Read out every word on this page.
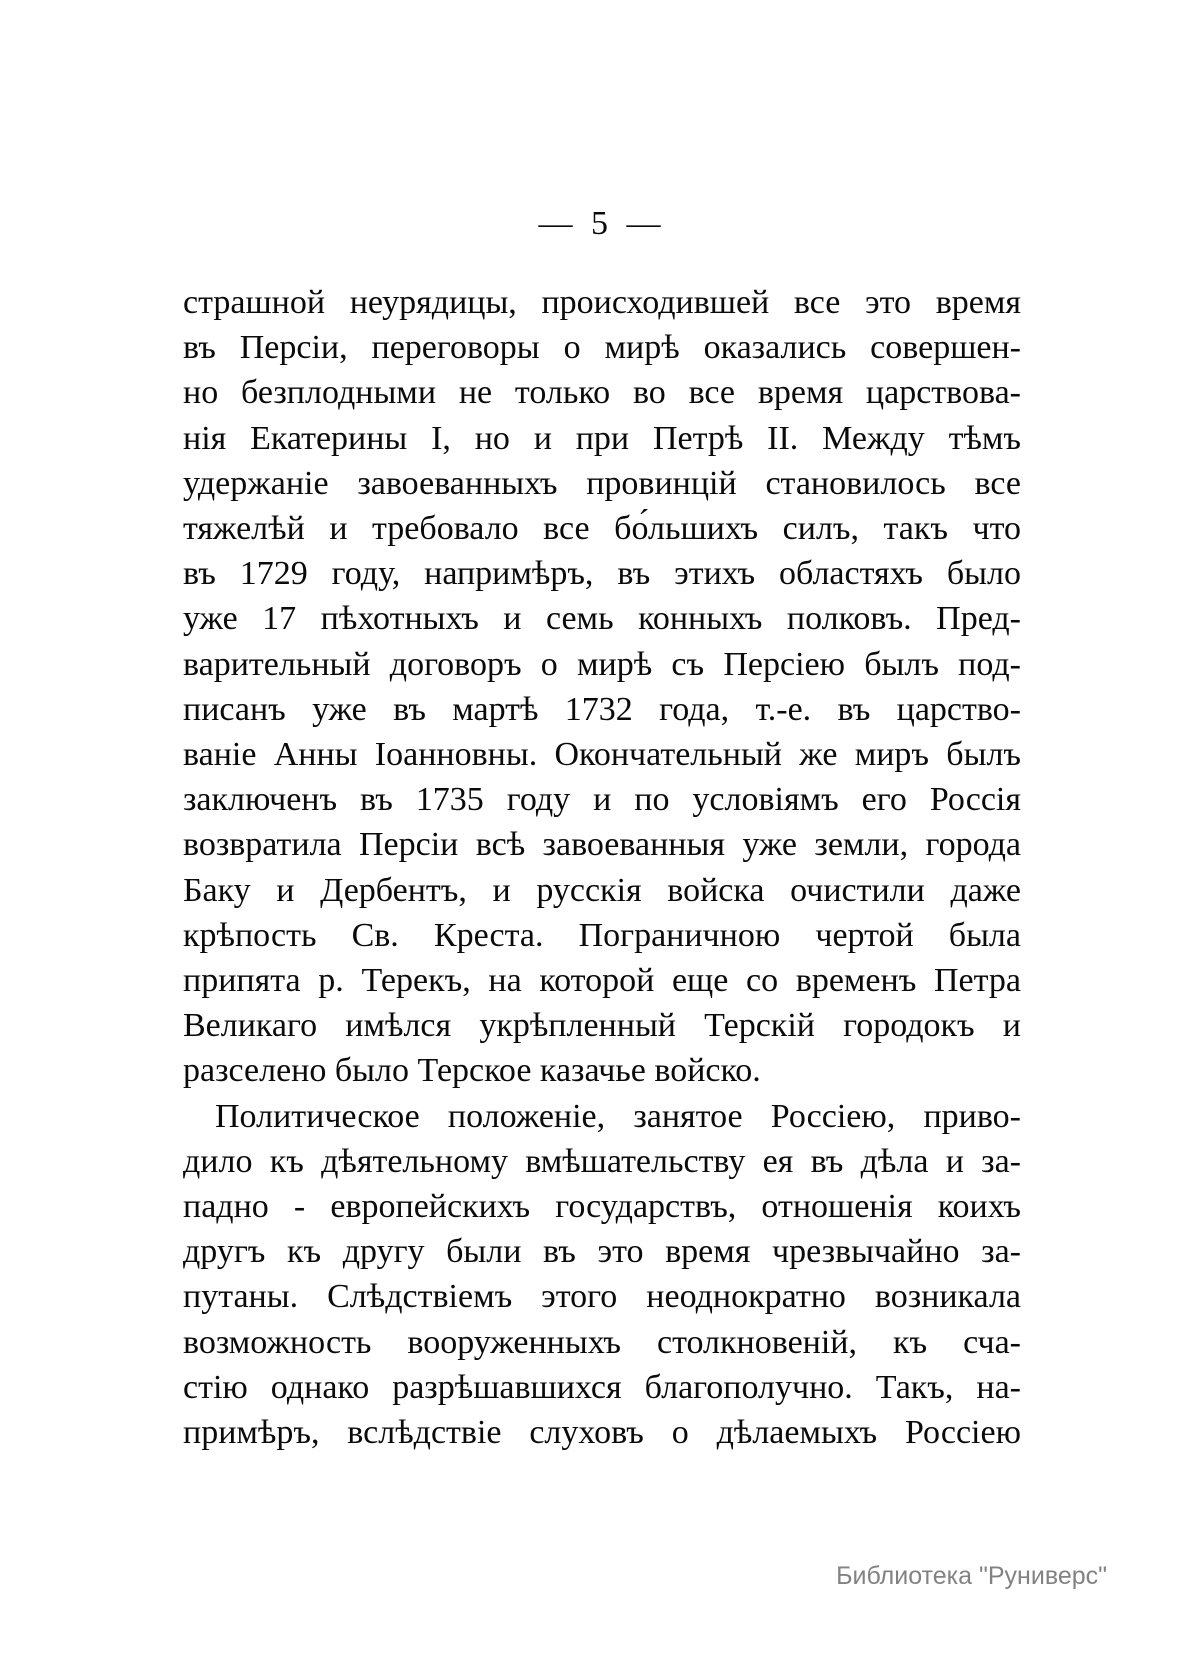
— 5 —
страшной неурядицы, происходившей все это время
въ Персіи, переговоры о мирѣ оказались совершен-
но безплодными не только во все время царствова-
нія Екатерины I, но и при Петрѣ II. Между тѣмъ
удержаніе завоеванныхъ провинцій становилось все
тяжелѣй и требовало все бо́льшихъ силъ, такъ что
въ 1729 году, напримѣръ, въ этихъ областяхъ было
уже 17 пѣхотныхъ и семь конныхъ полковъ. Пред-
варительный договоръ о мирѣ съ Персіею былъ под-
писанъ уже въ мартѣ 1732 года, т.-е. въ царство-
ваніе Анны Іоанновны. Окончательный же миръ былъ
заключенъ въ 1735 году и по условіямъ его Россія
возвратила Персіи всѣ завоеванныя уже земли, города
Баку и Дербентъ, и русскія войска очистили даже
крѣпость Св. Креста. Пограничною чертой была
припята р. Терекъ, на которой еще со временъ Петра
Великаго имѣлся укрѣпленный Терскій городокъ и
разселено было Терское казачье войско.
Политическое положеніе, занятое Россіею, приво-
дило къ дѣятельному вмѣшательству ея въ дѣла и за-
падно - европейскихъ государствъ, отношенія коихъ
другъ къ другу были въ это время чрезвычайно за-
путаны. Слѣдствіемъ этого неоднократно возникала
возможность вооруженныхъ столкновеній, къ сча-
стію однако разрѣшавшихся благополучно. Такъ, на-
примѣръ, вслѣдствіе слуховъ о дѣлаемыхъ Россіею
Библиотека "Руниверс"
